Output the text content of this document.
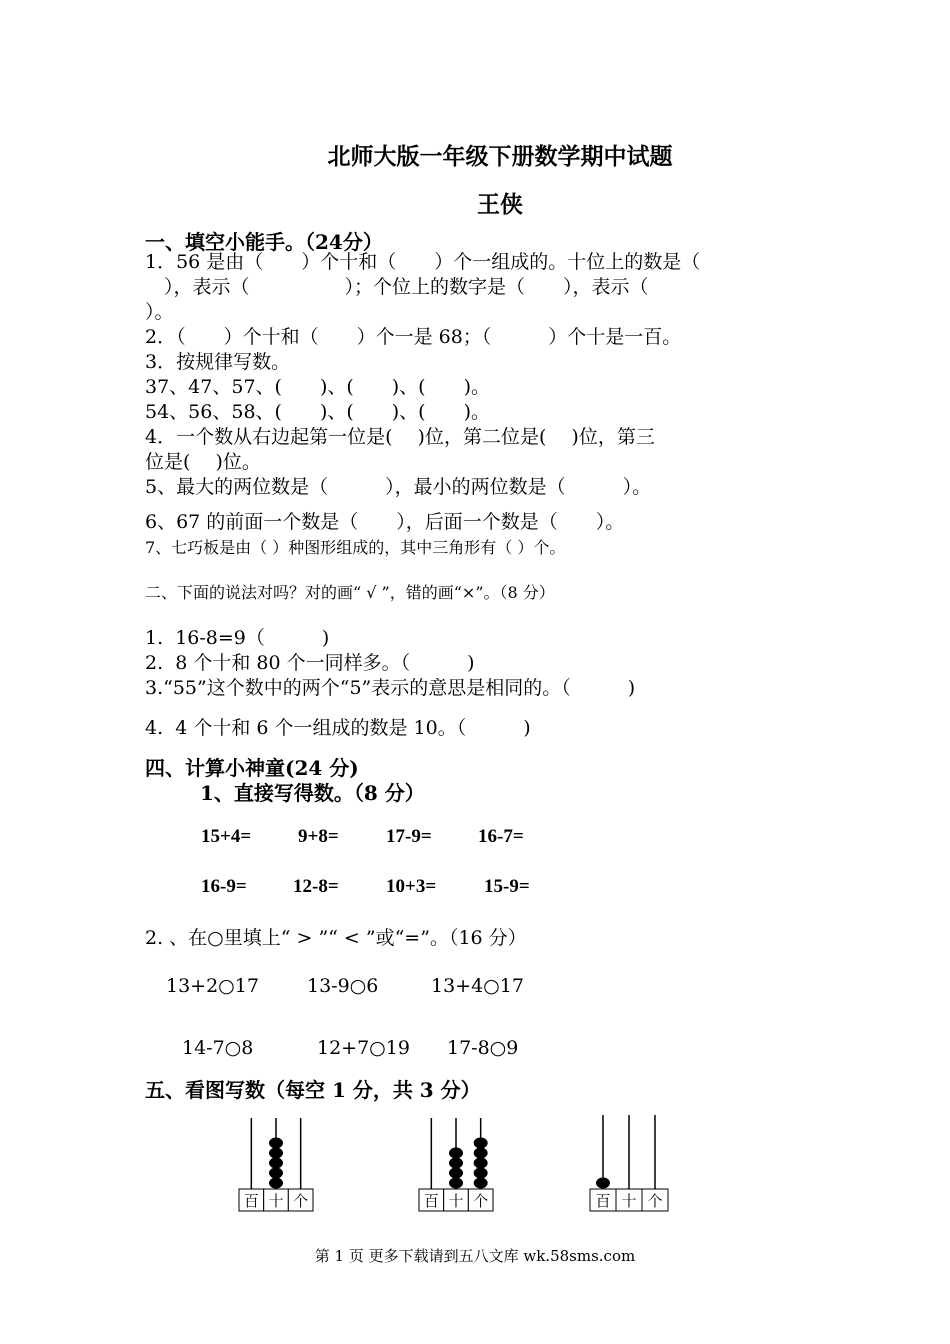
北师大版一年级下册数学期中试题
王侠
一、填空小能手。（24分）
1．56 是由（　　）个十和（　　）个一组成的。十位上的数是（
　），表示（　　　　　）；个位上的数字是（　　），表示（
）。
2．（　　）个十和（　　）个一是 68；（　　　）个十是一百。
3．按规律写数。
37、47、57、(　　)、(　　)、(　　)。
54、56、58、(　　)、(　　)、(　　)。
4．一个数从右边起第一位是(　 )位，第二位是(　 )位，第三
位是(　 )位。
5、最大的两位数是（　　　），最小的两位数是（　　　）。
6、67 的前面一个数是（　　），后面一个数是（　　）。
7、七巧板是由（ ）种图形组成的，其中三角形有（ ）个。
二、下面的说法对吗？对的画“ √ ”，错的画“×”。（8 分）
1.  16-8=9（　　　)
2.  8 个十和 80 个一同样多。（　　　)
3.“55”这个数中的两个“5”表示的意思是相同的。（　　　)
4.  4 个十和 6 个一组成的数是 10。（　　　)
四、计算小神童(24 分)
1、直接写得数。（8 分）
15+4= 9+8= 17-9= 16-7=
16-9= 12-8= 10+3=	15-9=
2. 、在○里填上“ > ”“ < ”或“=”。（16 分）
13+2○17	13-9○6	13+4○17
14-7○8	12+7○19 17-8○9
五、看图写数（每空 1 分，共 3 分）
百 十 个	百 十 个	百 十 个
第 1 页 更多下载请到五八文库 wk.58sms.com
